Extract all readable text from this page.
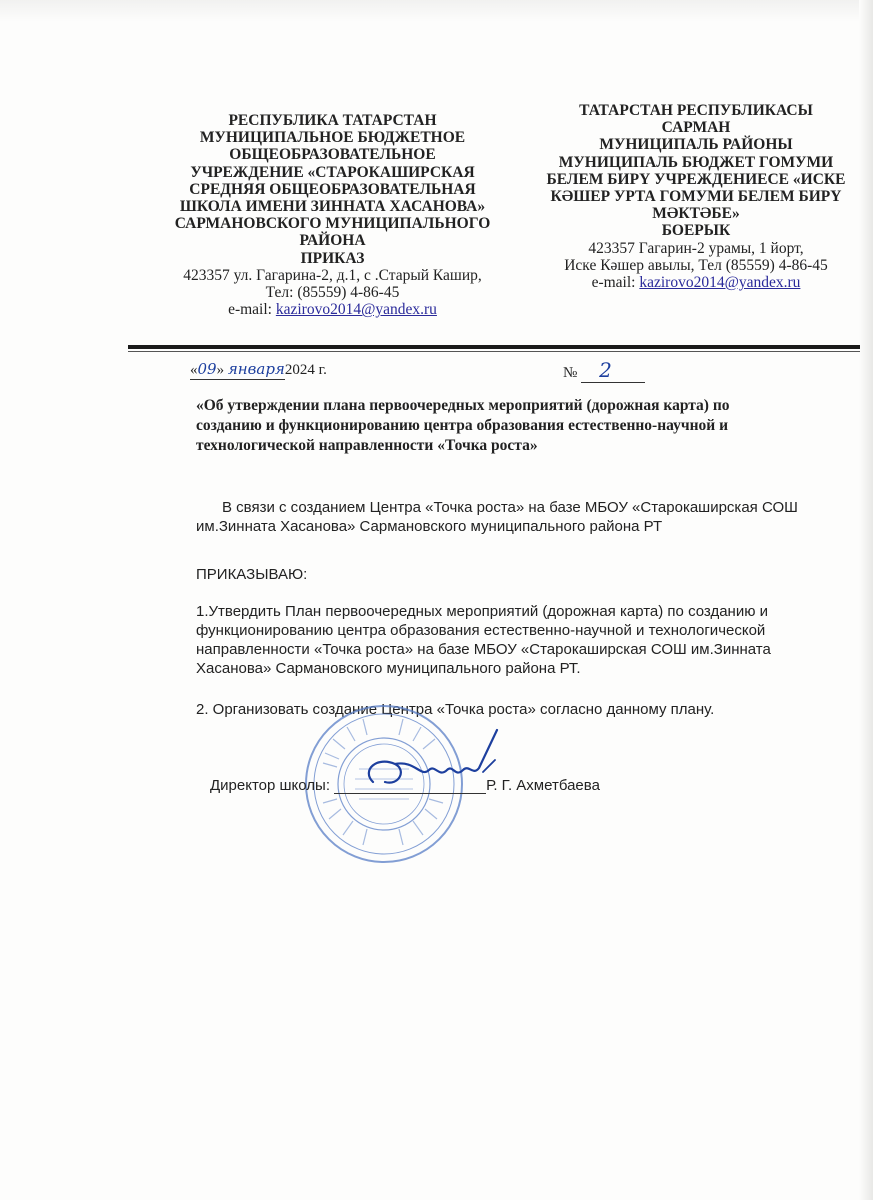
РЕСПУБЛИКА ТАТАРСТАН
МУНИЦИПАЛЬНОЕ БЮДЖЕТНОЕ
ОБЩЕОБРАЗОВАТЕЛЬНОЕ
УЧРЕЖДЕНИЕ «СТАРОКАШИРСКАЯ
СРЕДНЯЯ ОБЩЕОБРАЗОВАТЕЛЬНАЯ
ШКОЛА ИМЕНИ ЗИННАТА ХАСАНОВА»
САРМАНОВСКОГО МУНИЦИПАЛЬНОГО
РАЙОНА
ПРИКАЗ
423357 ул. Гагарина-2, д.1, с .Старый Кашир,
Тел: (85559) 4-86-45
e-mail: kazirovo2014@yandex.ru
ТАТАРСТАН РЕСПУБЛИКАСЫ
САРМАН
МУНИЦИПАЛЬ РАЙОНЫ
МУНИЦИПАЛЬ БЮДЖЕТ ГОМУМИ
БЕЛЕМ БИРҮ УЧРЕЖДЕНИЕСЕ «ИСКЕ
КӘШЕР УРТА ГОМУМИ БЕЛЕМ БИРҮ
МӘКТӘБЕ»
БОЕРЫК
423357 Гагарин-2 урамы, 1 йорт,
Иске Кәшер авылы, Тел (85559) 4-86-45
e-mail: kazirovo2014@yandex.ru
«09» января2024 г.	№ 2
«Об утверждении плана первоочередных мероприятий (дорожная карта) по созданию и функционированию центра образования естественно-научной и технологической направленности «Точка роста»
В связи с созданием Центра «Точка роста» на базе МБОУ «Старокаширская СОШ им.Зинната Хасанова» Сармановского муниципального района РТ
ПРИКАЗЫВАЮ:
1.Утвердить План первоочередных мероприятий (дорожная карта) по созданию и функционированию центра образования естественно-научной и технологической направленности «Точка роста» на базе МБОУ «Старокаширская СОШ им.Зинната Хасанова» Сармановского муниципального района РТ.
2. Организовать создание Центра «Точка роста» согласно данному плану.
Директор школы:	Р. Г. Ахметбаева
